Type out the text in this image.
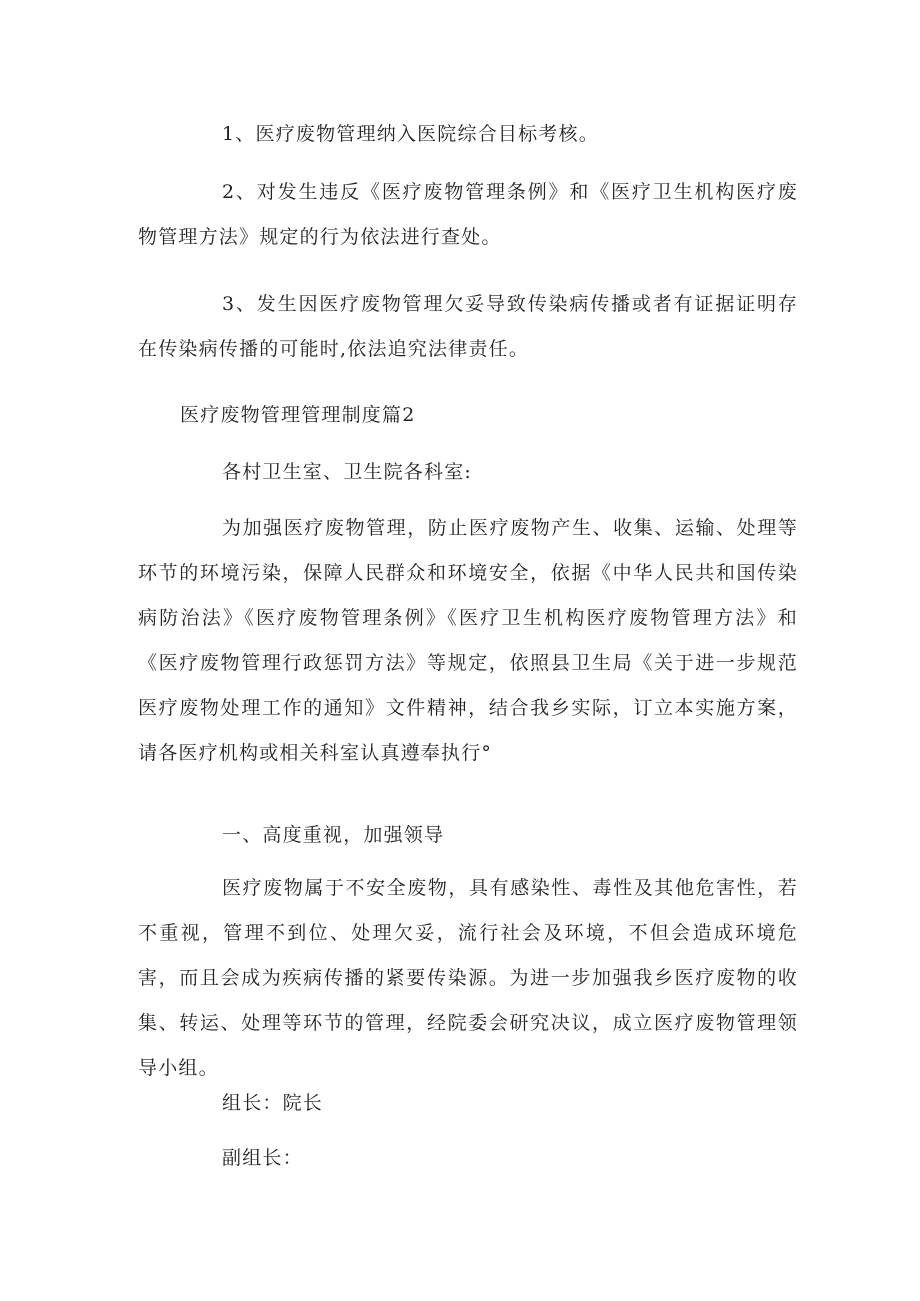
1、医疗废物管理纳入医院综合目标考核。

2、对发生违反《医疗废物管理条例》和《医疗卫生机构医疗废物管理方法》规定的行为依法进行查处。

3、发生因医疗废物管理欠妥导致传染病传播或者有证据证明存在传染病传播的可能时,依法追究法律责任。

医疗废物管理管理制度篇2

各村卫生室、卫生院各科室:

为加强医疗废物管理，防止医疗废物产生、收集、运输、处理等环节的环境污染，保障人民群众和环境安全，依据《中华人民共和国传染病防治法》《医疗废物管理条例》《医疗卫生机构医疗废物管理方法》和《医疗废物管理行政惩罚方法》等规定，依照县卫生局《关于进一步规范医疗废物处理工作的通知》文件精神，结合我乡实际，订立本实施方案，请各医疗机构或相关科室认真遵奉执行°

一、高度重视，加强领导

医疗废物属于不安全废物，具有感染性、毒性及其他危害性，若不重视，管理不到位、处理欠妥，流行社会及环境，不但会造成环境危害，而且会成为疾病传播的紧要传染源。为进一步加强我乡医疗废物的收集、转运、处理等环节的管理，经院委会研究决议，成立医疗废物管理领导小组。

组长：院长

副组长：
